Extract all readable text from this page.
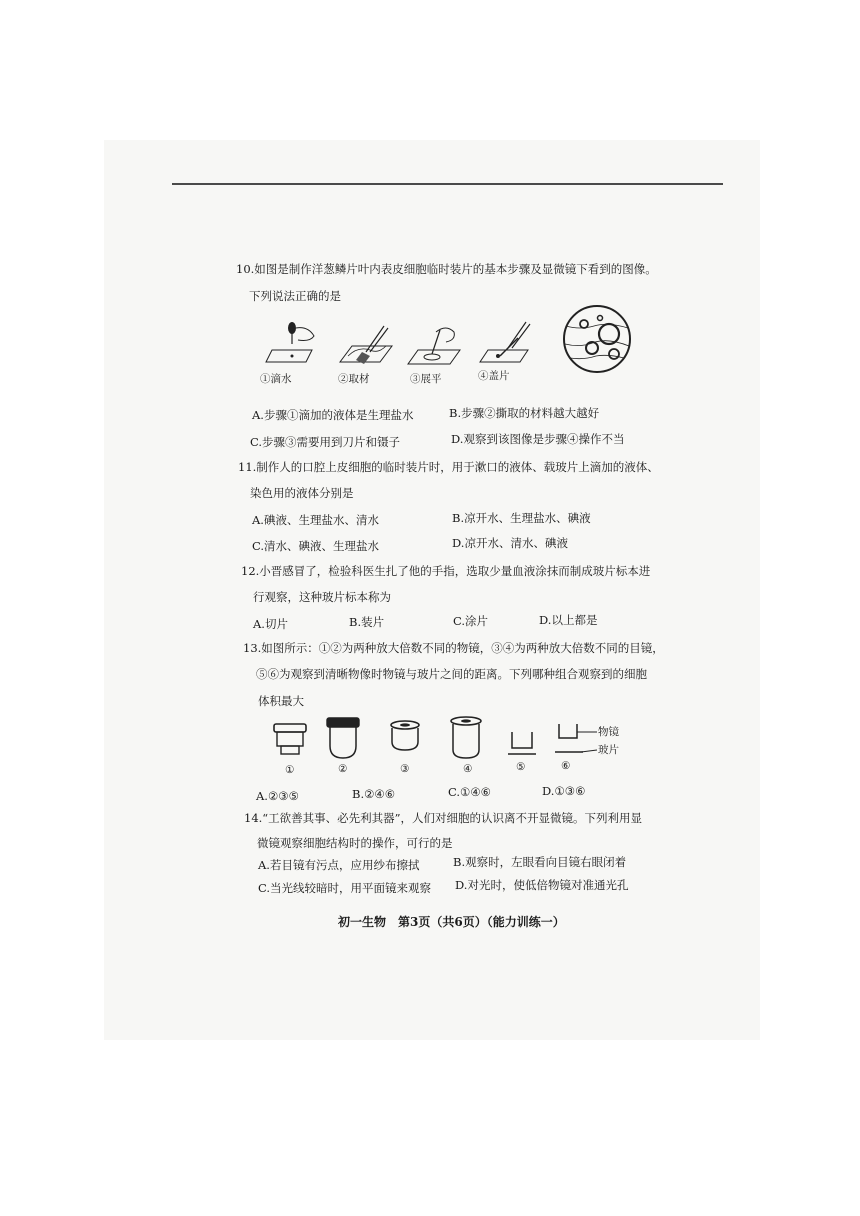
10.如图是制作洋葱鳞片叶内表皮细胞临时装片的基本步骤及显微镜下看到的图像。
下列说法正确的是
①滴水	②取材	③展平	④盖片
A.步骤①滴加的液体是生理盐水	B.步骤②撕取的材料越大越好
C.步骤③需要用到刀片和镊子	D.观察到该图像是步骤④操作不当
11.制作人的口腔上皮细胞的临时装片时，用于漱口的液体、载玻片上滴加的液体、
染色用的液体分别是
A.碘液、生理盐水、清水	B.凉开水、生理盐水、碘液
C.清水、碘液、生理盐水	D.凉开水、清水、碘液
12.小晋感冒了，检验科医生扎了他的手指，选取少量血液涂抹而制成玻片标本进
行观察，这种玻片标本称为
A.切片	B.装片	C.涂片	D.以上都是
13.如图所示：①②为两种放大倍数不同的物镜，③④为两种放大倍数不同的目镜，
⑤⑥为观察到清晰物像时物镜与玻片之间的距离。下列哪种组合观察到的细胞
体积最大
物镜
玻片
①	②	③	④	⑤	⑥
A.②③⑤	B.②④⑥	C.①④⑥	D.①③⑥
14.“工欲善其事、必先利其器”，人们对细胞的认识离不开显微镜。下列利用显
微镜观察细胞结构时的操作，可行的是
A.若目镜有污点，应用纱布擦拭	B.观察时，左眼看向目镜右眼闭着
C.当光线较暗时，用平面镜来观察 D.对光时，使低倍物镜对准通光孔
初一生物　第3页（共6页）（能力训练一）
